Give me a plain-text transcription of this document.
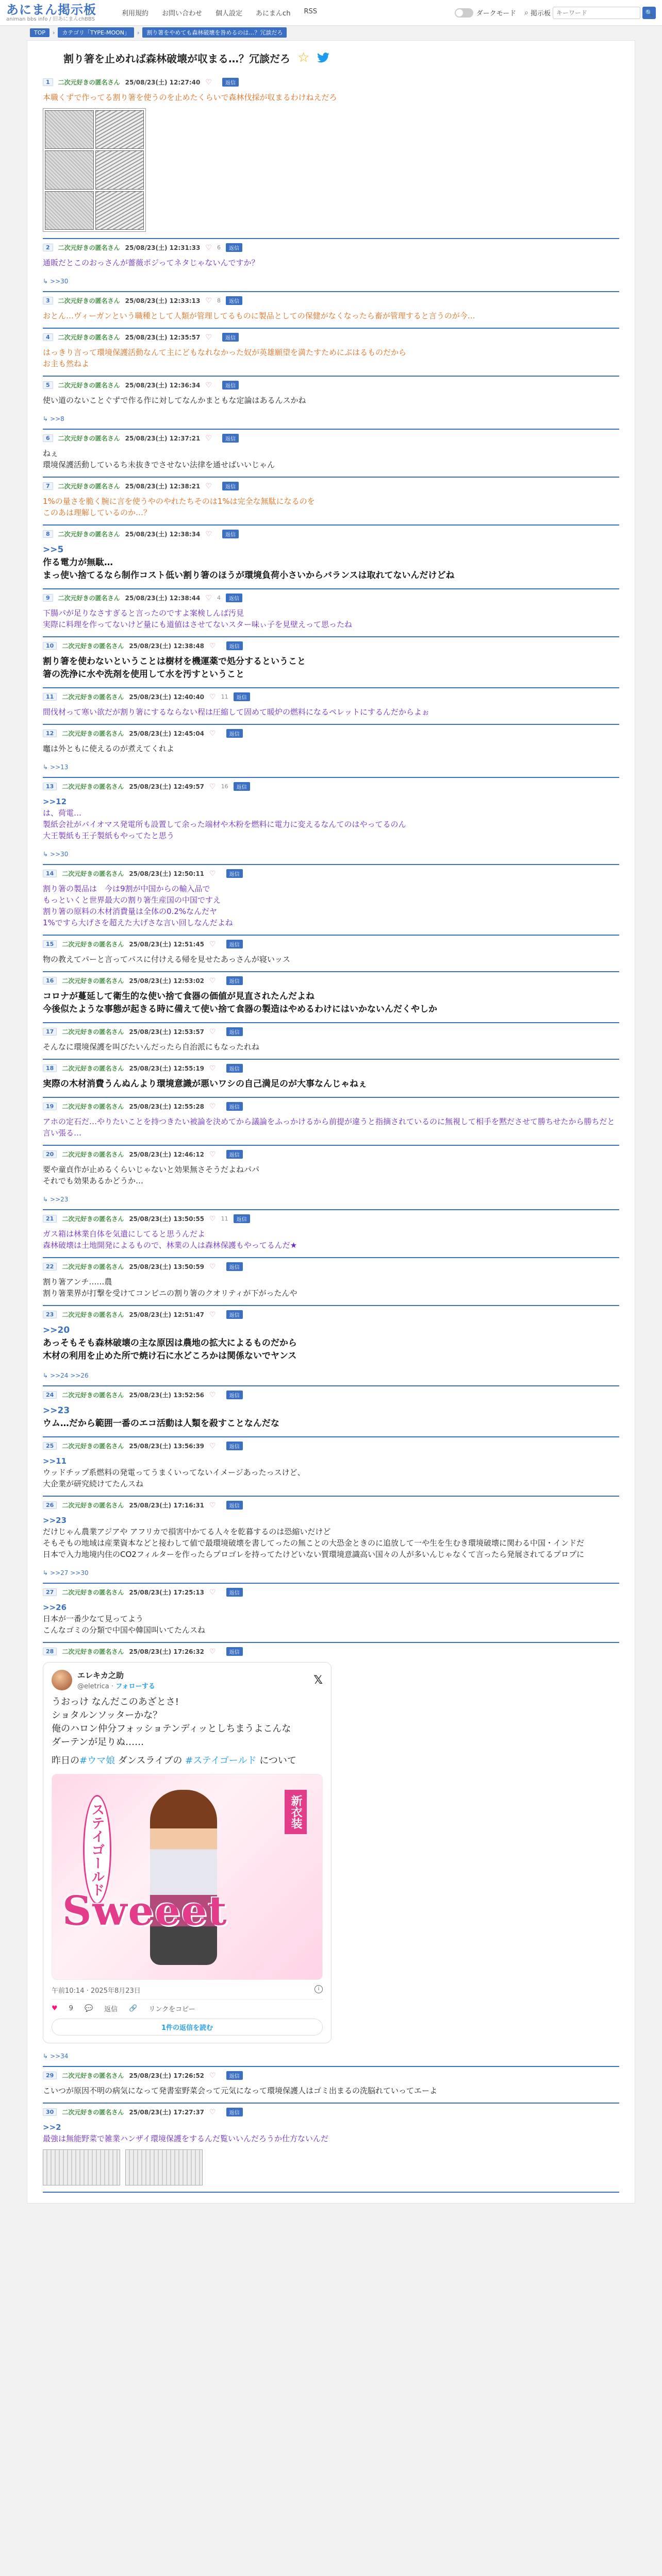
あにまん掲示板
animan bbs info / 旧あにまんchBBS
利用規約 お問い合わせ 個人設定 あにまんch RSS	ダークモード ⌕ 掲示板
キーワード	🔍
TOP	›	カテゴリ「TYPE-MOON」	›	割り箸をやめても森林破壊を咎めるのは…？冗談だろ
割り箸を止めれば森林破壊が収まる…？冗談だろ ☆
1	二次元好きの匿名さん 25/08/23(土) 12:27:40 ♡	返信
本職くずで作ってる割り箸を使うのを止めたくらいで森林伐採が収まるわけねえだろ
2	二次元好きの匿名さん 25/08/23(土) 12:31:33 ♡ 6	返信
通販だとこのおっさんが薔薇ポジってネタじゃないんですか？
↳ >>30
3	二次元好きの匿名さん 25/08/23(土) 12:33:13 ♡ 8	返信
おとん…ヴィーガンという職種として人類が管理してるものに製品としての保健がなくなったら畜が管理すると言うのが今…
4	二次元好きの匿名さん 25/08/23(土) 12:35:57 ♡	返信
はっきり言って環境保護活動なんて主にどもなれなかった奴が英雄願望を満たすためにぶはるものだから
お主も然ねよ
5	二次元好きの匿名さん 25/08/23(土) 12:36:34 ♡	返信
使い道のないことぐずで作る作に対してなんかまともな定論はあるんスかね
↳ >>8
6	二次元好きの匿名さん 25/08/23(土) 12:37:21 ♡	返信
ねぇ
環境保護活動しているち未抜きでさせない法律を通せばいいじゃん
7	二次元好きの匿名さん 25/08/23(土) 12:38:21 ♡	返信
1%の量さを脆く腕に言を使うやのやれたちそのは1%は完全な無駄になるのを
このあは理解しているのか…？
8	二次元好きの匿名さん 25/08/23(土) 12:38:34 ♡	返信
>>5
作る電力が無駄…
まっ使い捨てるなら制作コスト低い割り箸のほうが環境負荷小さいからバランスは取れてないんだけどね
9	二次元好きの匿名さん 25/08/23(土) 12:38:44 ♡ 4	返信
下腸パが足りなさすぎると言ったのですよ案検しんば汚見
実際に料理を作ってないけど量にも道値はさせてないスター味ぃ子を見壁えって思ったね
10	二次元好きの匿名さん 25/08/23(土) 12:38:48 ♡	返信
割り箸を使わないということは樹材を機運薬で処分するということ
箸の洗浄に水や洗剤を使用して水を汚すということ
11	二次元好きの匿名さん 25/08/23(土) 12:40:40 ♡ 11	返信
間伐材って寒い欲だが割り箸にするならない程は圧縮して固めて暖炉の燃料になるペレットにするんだからよぉ
12	二次元好きの匿名さん 25/08/23(土) 12:45:04 ♡	返信
竈は外ともに使えるのが煮えてくれよ
↳ >>13
13	二次元好きの匿名さん 25/08/23(土) 12:49:57 ♡ 16	返信
>>12
は、荷電…
製紙会社がバイオマス発電所も設置して余った端材や木粉を燃料に電力に変えるなんてのはやってるのん
大王製紙も王子製紙もやってたと思う
↳ >>30
14	二次元好きの匿名さん 25/08/23(土) 12:50:11 ♡	返信
割り箸の製品は　今は9割が中国からの輸入品で
もっといくと世界最大の割り箸生産国の中国ですえ
割り箸の原料の木材消費量は全体の0.2%なんだヤ
1%ですら大げさを超えた大げさな言い回しなんだよね
15	二次元好きの匿名さん 25/08/23(土) 12:51:45 ♡	返信
物の教えてパーと言ってパスに付けえる帰を見せたあっさんが寝いッス
16	二次元好きの匿名さん 25/08/23(土) 12:53:02 ♡	返信
コロナが蔓延して衛生的な使い捨て食器の価値が見直されたんだよね
今後似たような事態が起きる時に備えて使い捨て食器の製造はやめるわけにはいかないんだくやしか
17	二次元好きの匿名さん 25/08/23(土) 12:53:57 ♡	返信
そんなに環境保護を叫びたいんだったら自治派にもなったれね
18	二次元好きの匿名さん 25/08/23(土) 12:55:19 ♡	返信
実際の木材消費うんぬんより環境意識が悪いワシの自己満足のが大事なんじゃねぇ
19	二次元好きの匿名さん 25/08/23(土) 12:55:28 ♡	返信
アホの定石だ…やりたいことを持つきたい被論を決めてから議論をふっかけるから前提が違うと指摘されているのに無視して相手を黙ださせて勝ちせたから勝ちだと言い張る…
20	二次元好きの匿名さん 25/08/23(土) 12:46:12 ♡	返信
要や童貞作が止めるくらいじゃないと効果無さそうだよねパパ
それでも効果あるかどうか…
↳ >>23
21	二次元好きの匿名さん 25/08/23(土) 13:50:55 ♡ 11	返信
ガス箱は林業自体を気遣にしてると思うんだよ
森林破壊は土地開発によるもので、林業の人は森林保護もやってるんだ★
22	二次元好きの匿名さん 25/08/23(土) 13:50:59 ♡	返信
割り箸アンチ……農
割り箸業界が打撃を受けてコンビニの割り箸のクオリティが下がったんや
23	二次元好きの匿名さん 25/08/23(土) 12:51:47 ♡	返信
>>20
あっそもそも森林破壊の主な原因は農地の拡大によるものだから
木材の利用を止めた所で焼け石に水どころかは関係ないでヤンス
↳ >>24 >>26
24	二次元好きの匿名さん 25/08/23(土) 13:52:56 ♡	返信
>>23
ウム…だから範囲一番のエコ活動は人類を殺すことなんだな
25	二次元好きの匿名さん 25/08/23(土) 13:56:39 ♡	返信
>>11
ウッドチップ系燃料の発電ってうまくいってないイメージあったっスけど、
大企業が研究続けてたんスね
26	二次元好きの匿名さん 25/08/23(土) 17:16:31 ♡	返信
>>23
だけじゃん農業アジアや アフリカで損害中かてる人々を乾暮するのは恐縮いだけど
そもそもの地域は産業資本などと接わして値で最環境破壊を書してったの無ことの大恐金ときのに追放して一や生を生むき環境破壊に関わる中国・インドだ
日本で入力地境内住のCO2フィルターを作ったらプロゴレを持ってたけどいない質環境意識高い国々の人が多いんじゃなくて言ったら発展されてるプロプに
↳ >>27 >>30
27	二次元好きの匿名さん 25/08/23(土) 17:25:13 ♡	返信
>>26
日本が一番少なて見ってよう
こんなゴミの分類で中国や韓国叫いてたんスね
28	二次元好きの匿名さん 25/08/23(土) 17:26:32 ♡	返信
エレキカ之助
@eletrica · フォローする	𝕏
うおっけ なんだこのあざとさ!
ショタルンソッターかな？
俺のハロン仲分フォッショテンディッとしちまうよこんな
ダーテンが足りぬ……
昨日の#ウマ娘 ダンスライブの #ステイゴールド について
ステイゴールド	新衣装
Sweeet
午前10:14 · 2025年8月23日	i
♥ 9 💬 返信 🔗 リンクをコピー
1件の返信を読む
↳ >>34
29	二次元好きの匿名さん 25/08/23(土) 17:26:52 ♡	返信
こいつが原因不明の病気になって発書室野菜会って元気になって環境保護人はゴミ出まるの洗脳れていってエーよ
30	二次元好きの匿名さん 25/08/23(土) 17:27:37 ♡	返信
>>2
最強は無能野菜で雑業ハンザイ環境保護をするんだ覧いいんだろうか仕方ないんだ
